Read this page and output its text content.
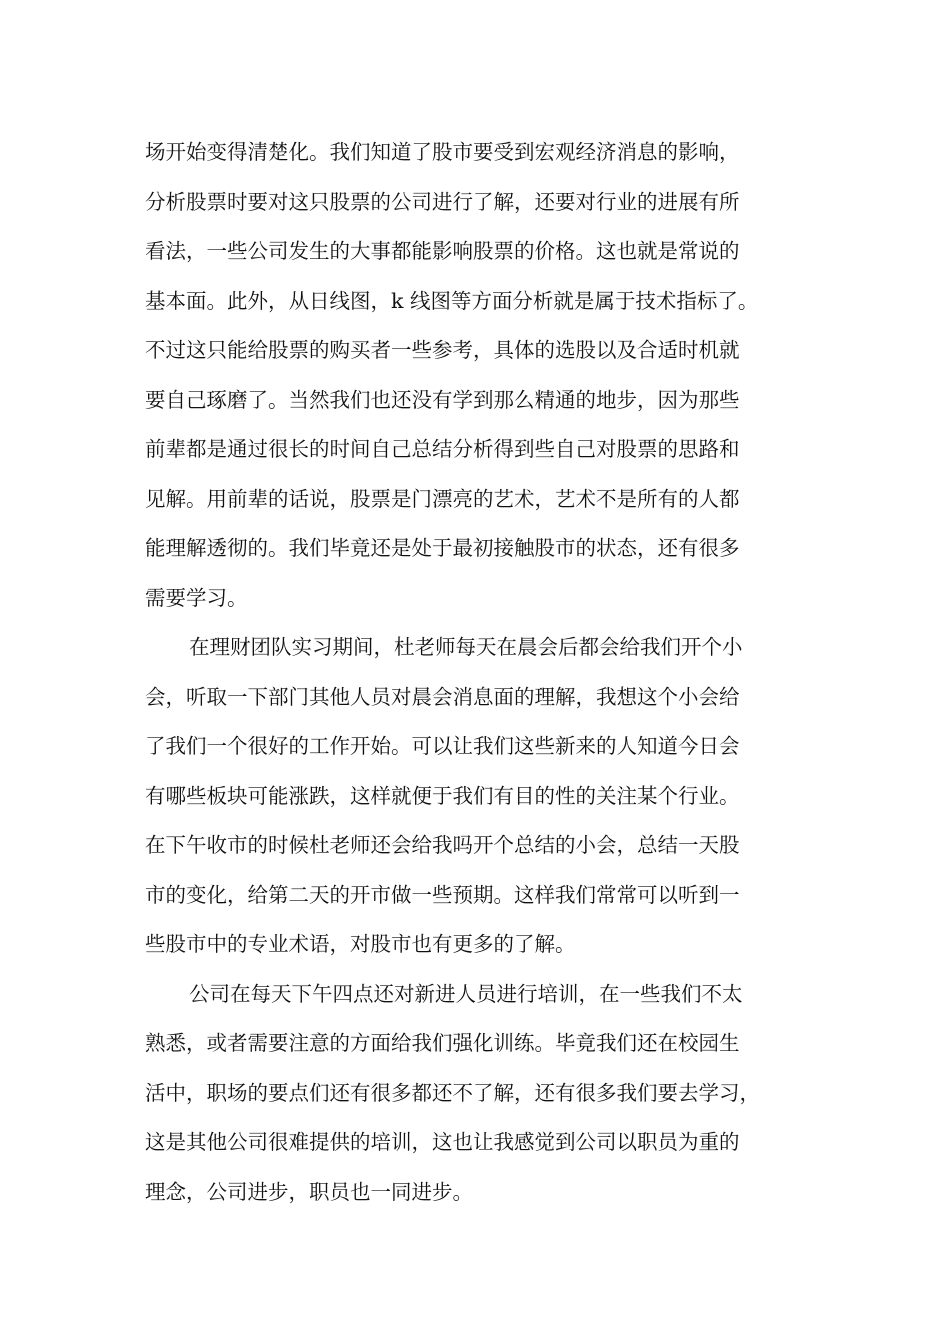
场开始变得清楚化。我们知道了股市要受到宏观经济消息的影响，
分析股票时要对这只股票的公司进行了解，还要对行业的进展有所
看法，一些公司发生的大事都能影响股票的价格。这也就是常说的
基本面。此外，从日线图，k 线图等方面分析就是属于技术指标了。
不过这只能给股票的购买者一些参考，具体的选股以及合适时机就
要自己琢磨了。当然我们也还没有学到那么精通的地步，因为那些
前辈都是通过很长的时间自己总结分析得到些自己对股票的思路和
见解。用前辈的话说，股票是门漂亮的艺术，艺术不是所有的人都
能理解透彻的。我们毕竟还是处于最初接触股市的状态，还有很多
需要学习。
在理财团队实习期间，杜老师每天在晨会后都会给我们开个小
会，听取一下部门其他人员对晨会消息面的理解，我想这个小会给
了我们一个很好的工作开始。可以让我们这些新来的人知道今日会
有哪些板块可能涨跌，这样就便于我们有目的性的关注某个行业。
在下午收市的时候杜老师还会给我吗开个总结的小会，总结一天股
市的变化，给第二天的开市做一些预期。这样我们常常可以听到一
些股市中的专业术语，对股市也有更多的了解。
公司在每天下午四点还对新进人员进行培训，在一些我们不太
熟悉，或者需要注意的方面给我们强化训练。毕竟我们还在校园生
活中，职场的要点们还有很多都还不了解，还有很多我们要去学习，
这是其他公司很难提供的培训，这也让我感觉到公司以职员为重的
理念，公司进步，职员也一同进步。
